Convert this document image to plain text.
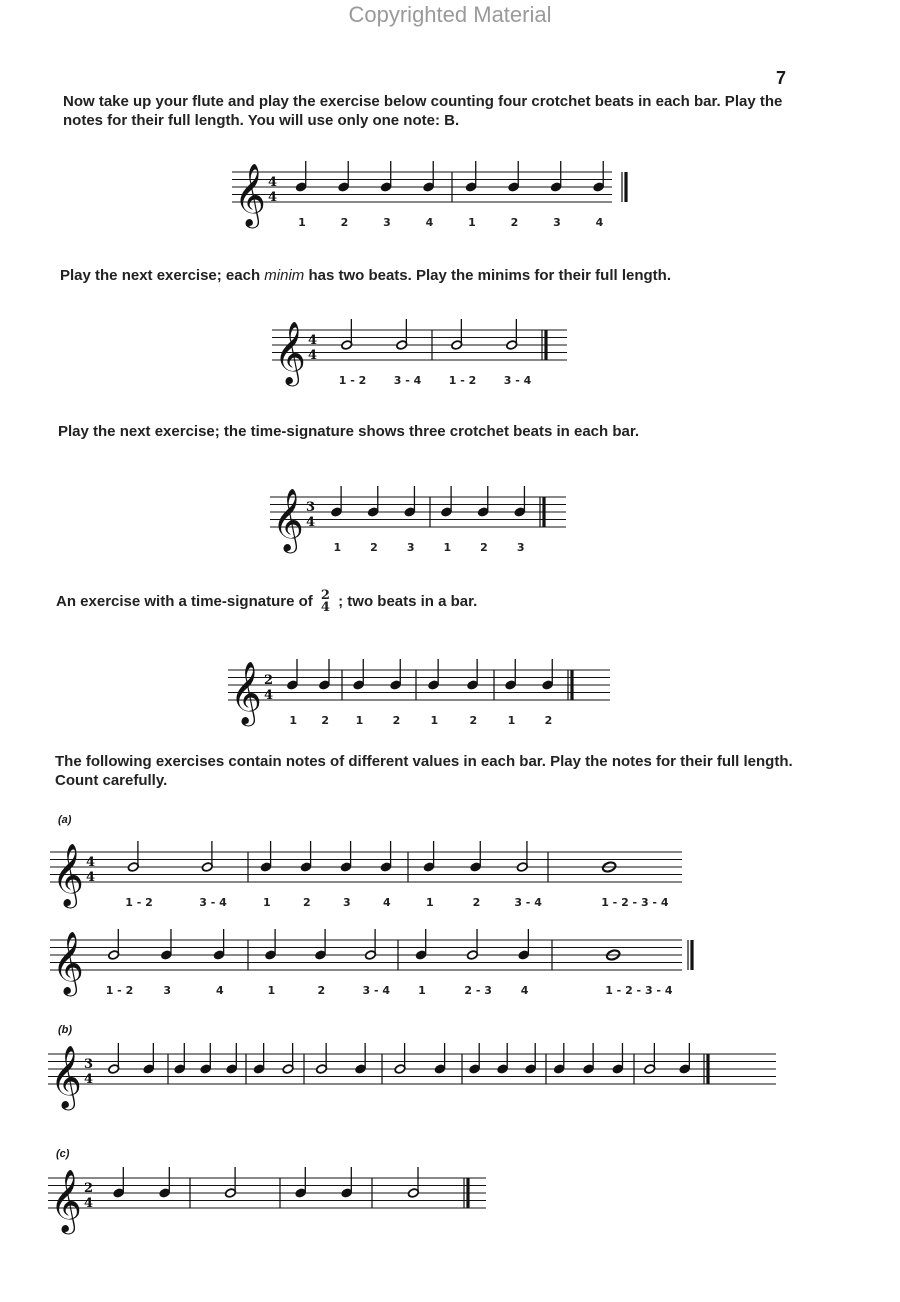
Copyrighted Material
7
Now take up your flute and play the exercise below counting four crotchet beats in each bar. Play the notes for their full length. You will use only one note: B.
𝄞 4
4
1	2	3	4	1	2	3	4
Play the next exercise; each minim has two beats. Play the minims for their full length.
𝄞 4
4
1 - 2 3 - 4 1 - 2 3 - 4
Play the next exercise; the time-signature shows three crotchet beats in each bar.
𝄞 3
4
1	2	3	1	2	3
An exercise with a time-signature of 2
4 ; two beats in a bar.
𝄞 2
4
1 2 1	2	1	2	1	2
The following exercises contain notes of different values in each bar. Play the notes for their full length. Count carefully.
(a)
𝄞 4
4
1 - 2	3 - 4	1	2	3	4	1	2	3 - 4	1 - 2 - 3 - 4
𝄞 1 - 2	3	4	1	2	3 - 4	1	2 - 3	4	1 - 2 - 3 - 4
(b)
𝄞 3
4
(c)
𝄞 2
4
